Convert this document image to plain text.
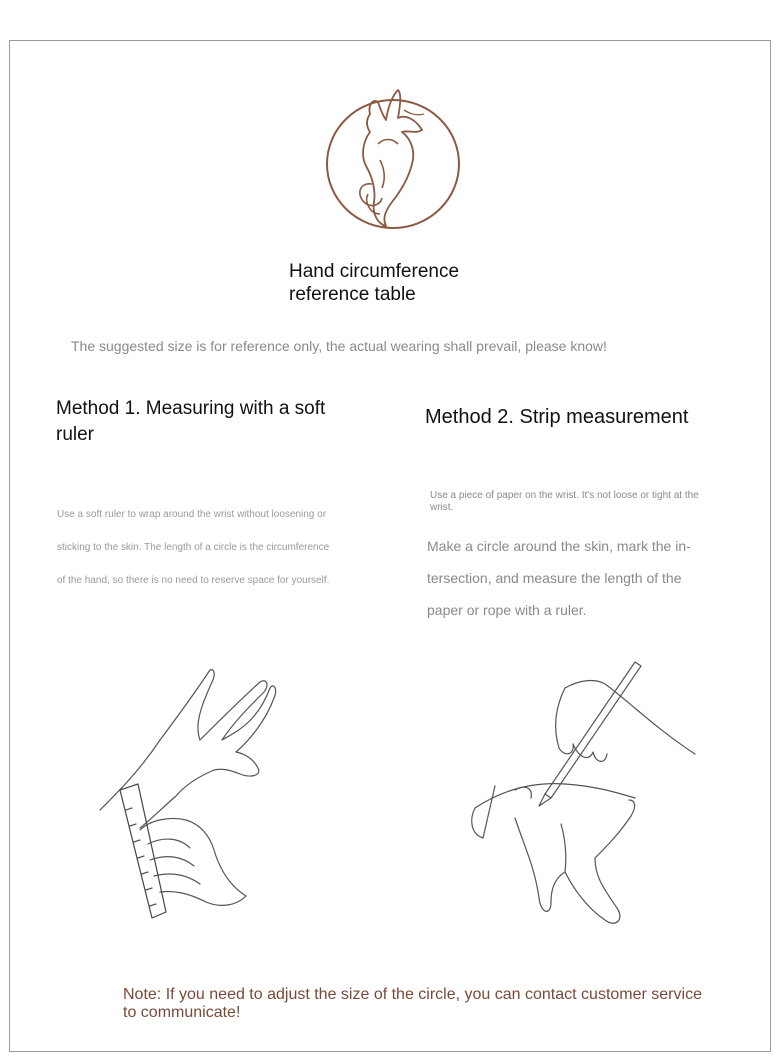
Hand circumference
reference table
The suggested size is for reference only, the actual wearing shall prevail, please know!
Method 1. Measuring with a soft ruler
Method 2. Strip measurement
Use a soft ruler to wrap around the wrist without loosening or
sticking to the skin. The length of a circle is the circumference
of the hand, so there is no need to reserve space for yourself.
Use a piece of paper on the wrist. It's not loose or tight at the wrist.
Make a circle around the skin, mark the in-
tersection, and measure the length of the
paper or rope with a ruler.
Note: If you need to adjust the size of the circle, you can contact customer service to communicate!
